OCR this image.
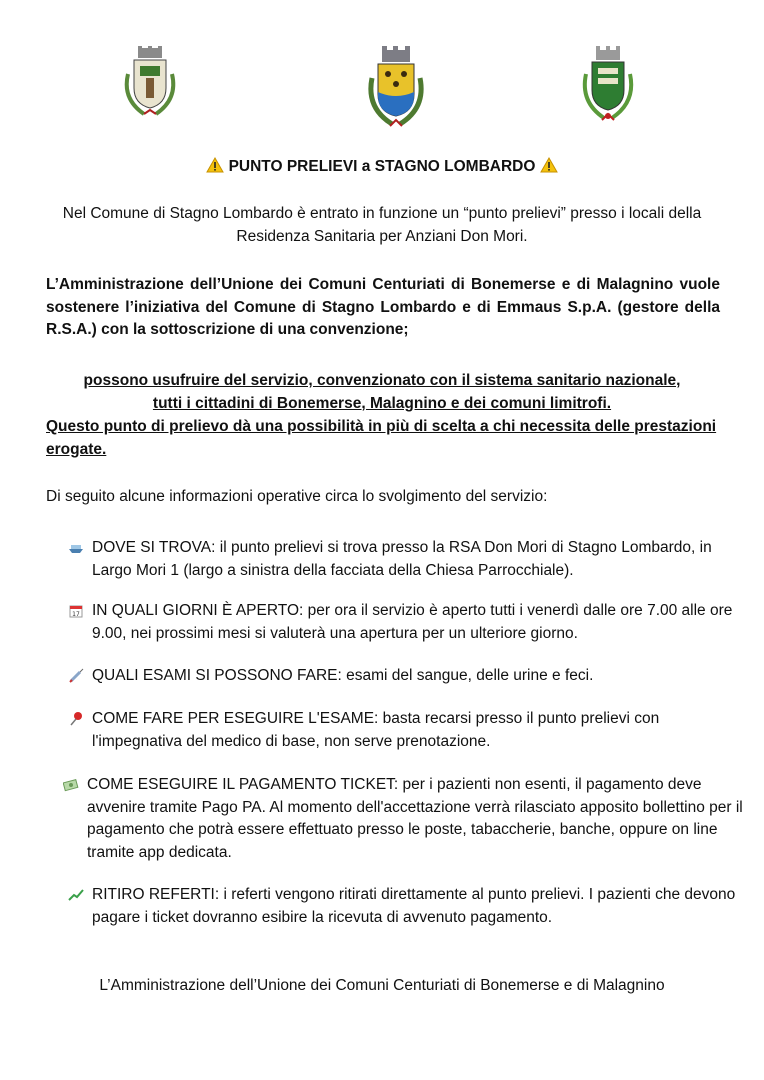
PUNTO PRELIEVI a STAGNO LOMBARDO
Nel Comune di Stagno Lombardo è entrato in funzione un “punto prelievi” presso i locali della Residenza Sanitaria per Anziani Don Mori.
L’Amministrazione dell’Unione dei Comuni Centuriati di Bonemerse e di Malagnino vuole sostenere l’iniziativa del Comune di Stagno Lombardo e di Emmaus S.p.A. (gestore della R.S.A.) con la sottoscrizione di una convenzione;
possono usufruire del servizio, convenzionato con il sistema sanitario nazionale,
tutti i cittadini di Bonemerse, Malagnino e dei comuni limitrofi.
Questo punto di prelievo dà una possibilità in più di scelta a chi necessita delle prestazioni erogate.
Di seguito alcune informazioni operative circa lo svolgimento del servizio:
DOVE SI TROVA: il punto prelievi si trova presso la RSA Don Mori di Stagno Lombardo, in Largo Mori 1 (largo a sinistra della facciata della Chiesa Parrocchiale).
17 IN QUALI GIORNI È APERTO: per ora il servizio è aperto tutti i venerdì dalle ore 7.00 alle ore 9.00, nei prossimi mesi si valuterà una apertura per un ulteriore giorno.
QUALI ESAMI SI POSSONO FARE: esami del sangue, delle urine e feci.
COME FARE PER ESEGUIRE L'ESAME: basta recarsi presso il punto prelievi con l'impegnativa del medico di base, non serve prenotazione.
COME ESEGUIRE IL PAGAMENTO TICKET: per i pazienti non esenti, il pagamento deve avvenire tramite Pago PA. Al momento dell'accettazione verrà rilasciato apposito bollettino per il pagamento che potrà essere effettuato presso le poste, tabaccherie, banche, oppure on line tramite app dedicata.
RITIRO REFERTI: i referti vengono ritirati direttamente al punto prelievi. I pazienti che devono pagare i ticket dovranno esibire la ricevuta di avvenuto pagamento.
L’Amministrazione dell’Unione dei Comuni Centuriati di Bonemerse e di Malagnino
